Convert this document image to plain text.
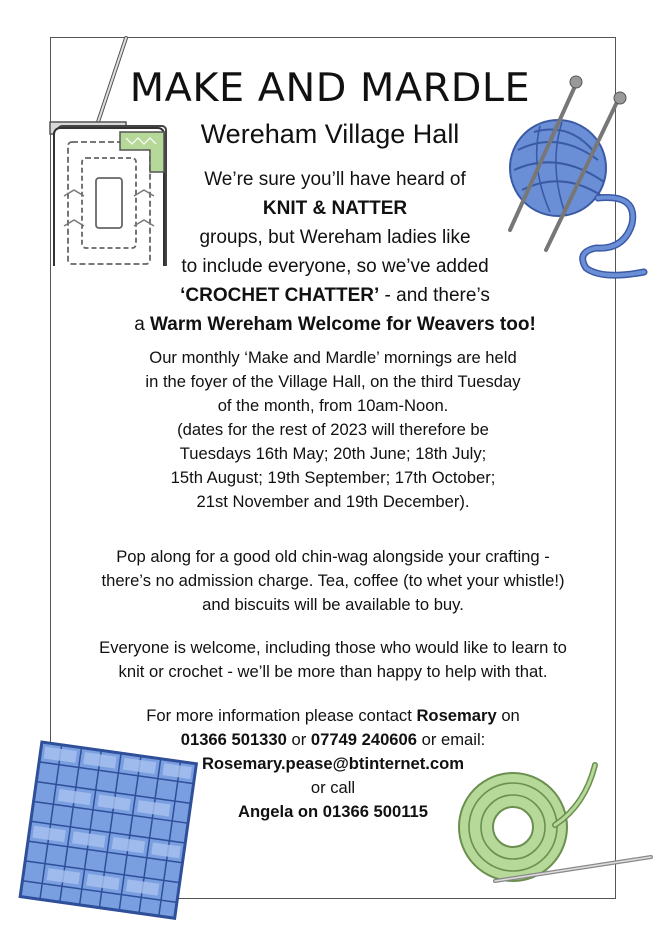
MAKE AND MARDLE
Wereham Village Hall
We’re sure you’ll have heard of
KNIT & NATTER
groups, but Wereham ladies like
to include everyone, so we’ve added
‘CROCHET CHATTER’ - and there’s
a Warm Wereham Welcome for Weavers too!
Our monthly ‘Make and Mardle’ mornings are held
in the foyer of the Village Hall, on the third Tuesday
of the month, from 10am-Noon.
(dates for the rest of 2023 will therefore be
Tuesdays 16th May; 20th June; 18th July;
15th August; 19th September; 17th October;
21st November and 19th December).
Pop along for a good old chin-wag alongside your crafting -
there’s no admission charge. Tea, coffee (to whet your whistle!)
and biscuits will be available to buy.
Everyone is welcome, including those who would like to learn to
knit or crochet - we’ll be more than happy to help with that.
For more information please contact Rosemary on
01366 501330 or 07749 240606 or email:
Rosemary.pease@btinternet.com
or call
Angela on 01366 500115
